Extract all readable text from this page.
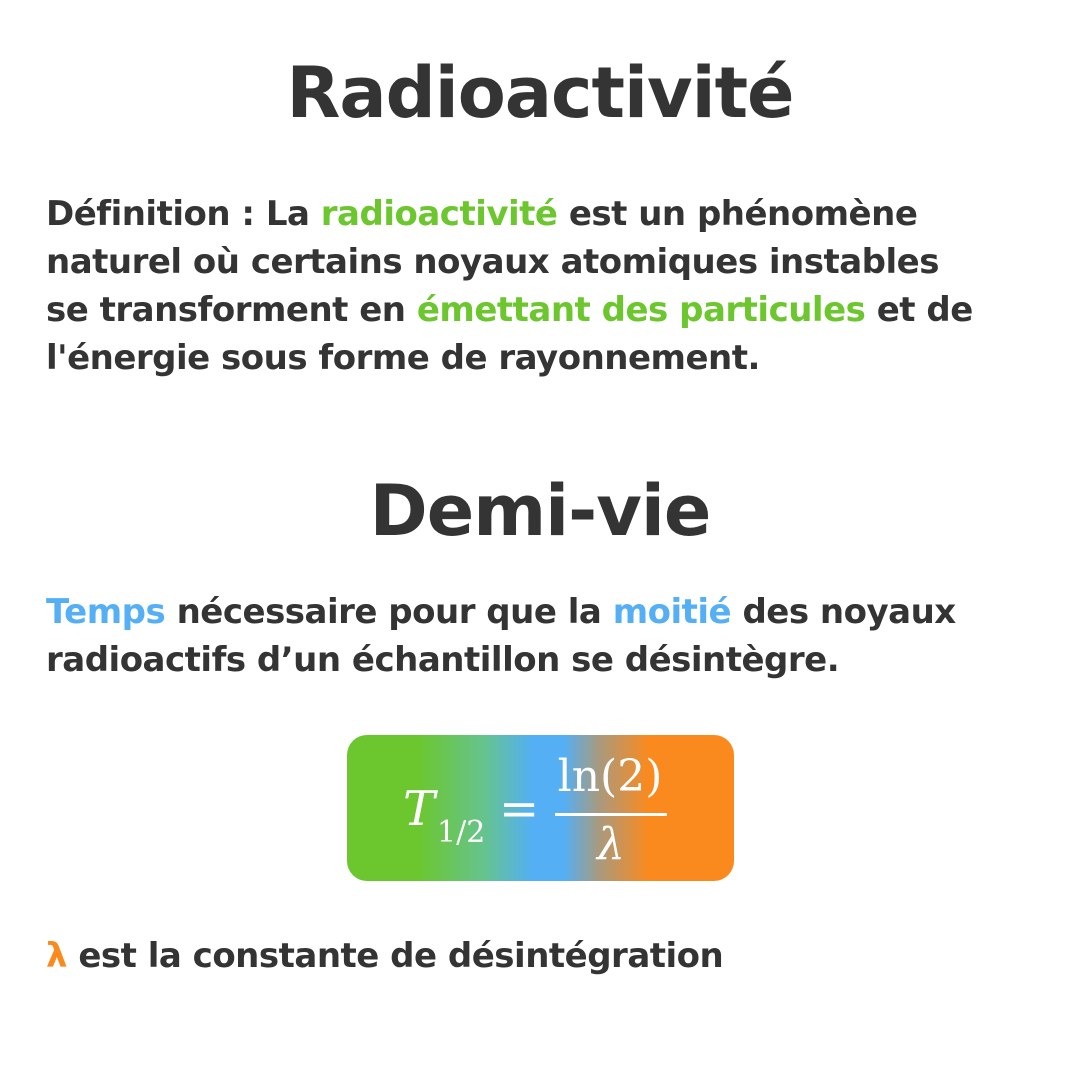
Radioactivité

Définition : La radioactivité est un phénomène
naturel où certains noyaux atomiques instables
se transforment en émettant des particules et de
l'énergie sous forme de rayonnement.

Demi-vie

Temps nécessaire pour que la moitié des noyaux
radioactifs d’un échantillon se désintègre.

T 1/2 =
ln(2)
λ

λ est la constante de désintégration
